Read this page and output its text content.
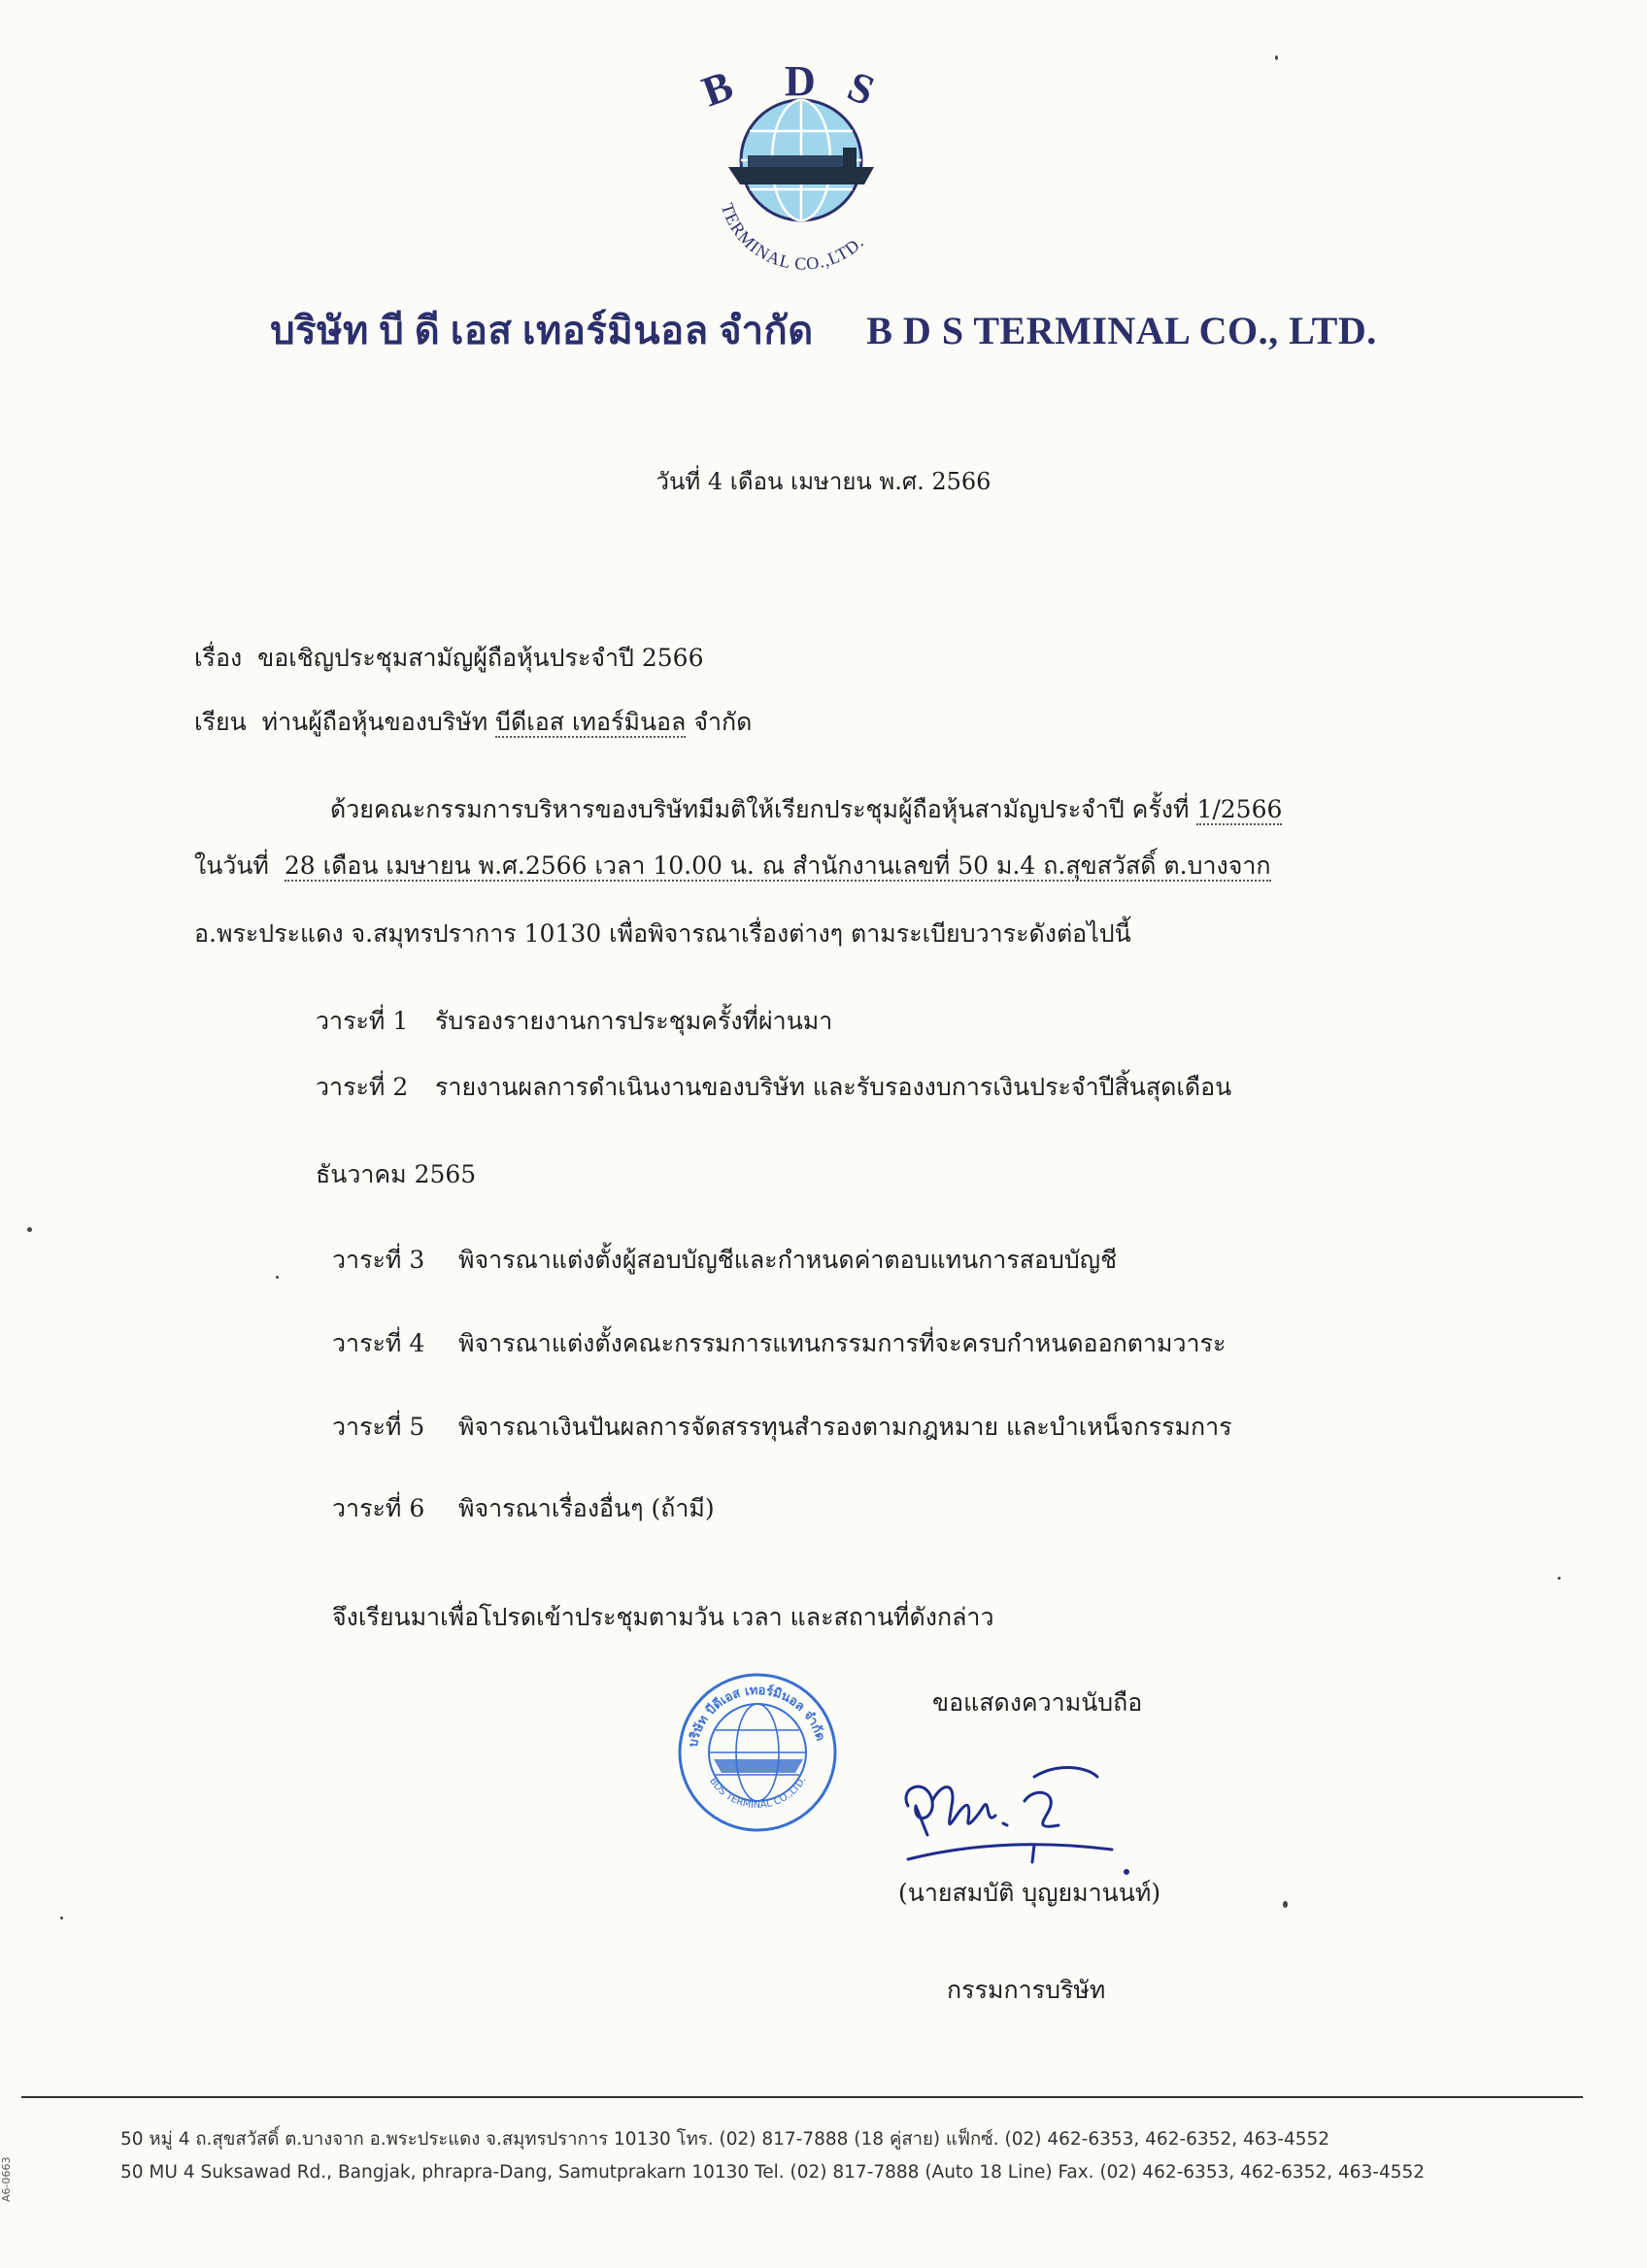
B D S
TERMINAL CO.,LTD.
บริษัท บี ดี เอส เทอร์มินอล จำกัด B D S TERMINAL CO., LTD.
วันที่ 4 เดือน เมษายน พ.ศ. 2566
เรื่อง ขอเชิญประชุมสามัญผู้ถือหุ้นประจำปี 2566
เรียน ท่านผู้ถือหุ้นของบริษัท บีดีเอส เทอร์มินอล จำกัด
ด้วยคณะกรรมการบริหารของบริษัทมีมติให้เรียกประชุมผู้ถือหุ้นสามัญประจำปี ครั้งที่ 1/2566
ในวันที่ 28 เดือน เมษายน พ.ศ.2566 เวลา 10.00 น. ณ สำนักงานเลขที่ 50 ม.4 ถ.สุขสวัสดิ์ ต.บางจาก
อ.พระประแดง จ.สมุทรปราการ 10130 เพื่อพิจารณาเรื่องต่างๆ ตามระเบียบวาระดังต่อไปนี้
วาระที่ 1 รับรองรายงานการประชุมครั้งที่ผ่านมา
วาระที่ 2 รายงานผลการดำเนินงานของบริษัท และรับรองงบการเงินประจำปีสิ้นสุดเดือน
ธันวาคม 2565
วาระที่ 3 พิจารณาแต่งตั้งผู้สอบบัญชีและกำหนดค่าตอบแทนการสอบบัญชี
วาระที่ 4 พิจารณาแต่งตั้งคณะกรรมการแทนกรรมการที่จะครบกำหนดออกตามวาระ
วาระที่ 5 พิจารณาเงินปันผลการจัดสรรทุนสำรองตามกฎหมาย และบำเหน็จกรรมการ
วาระที่ 6 พิจารณาเรื่องอื่นๆ (ถ้ามี)
จึงเรียนมาเพื่อโปรดเข้าประชุมตามวัน เวลา และสถานที่ดังกล่าว
ขอแสดงความนับถือ
บริษัท บีดีเอส เทอร์มินอล จำกัด
BDS TERMINAL CO.,LTD.
(นายสมบัติ บุญยมานนท์)
กรรมการบริษัท
50 หมู่ 4 ถ.สุขสวัสดิ์ ต.บางจาก อ.พระประแดง จ.สมุทรปราการ 10130 โทร. (02) 817-7888 (18 คู่สาย) แฟ็กซ์. (02) 462-6353, 462-6352, 463-4552
50 MU 4 Suksawad Rd., Bangjak, phrapra-Dang, Samutprakarn 10130 Tel. (02) 817-7888 (Auto 18 Line) Fax. (02) 462-6353, 462-6352, 463-4552
A6-0663
